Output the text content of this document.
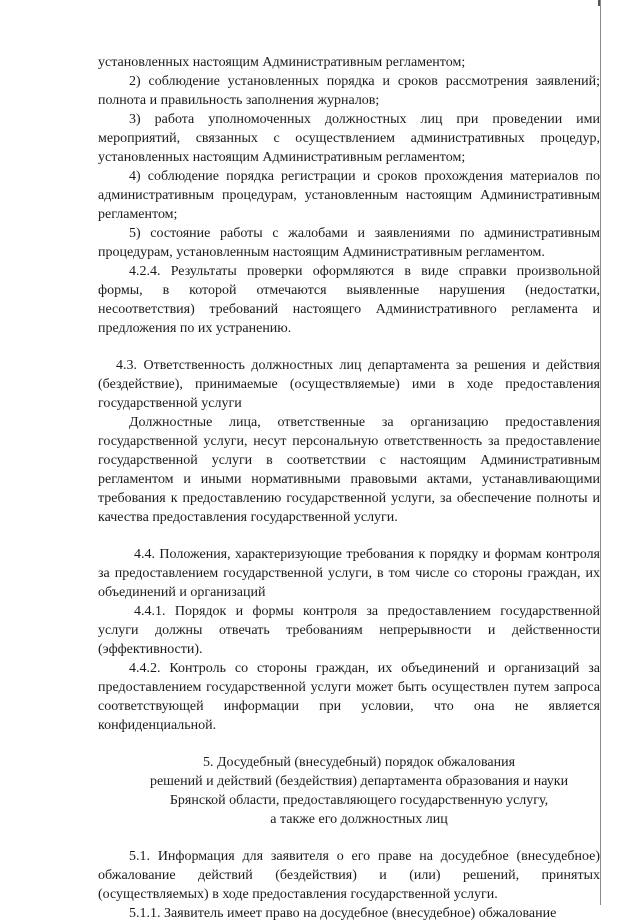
установленных настоящим Административным регламентом;

2) соблюдение установленных порядка и сроков рассмотрения заявлений; полнота и правильность заполнения журналов;

3) работа уполномоченных должностных лиц при проведении ими мероприятий, связанных с осуществлением административных процедур, установленных настоящим Административным регламентом;

4) соблюдение порядка регистрации и сроков прохождения материалов по административным процедурам, установленным настоящим Административным регламентом;

5) состояние работы с жалобами и заявлениями по административным процедурам, установленным настоящим Административным регламентом.

4.2.4. Результаты проверки оформляются в виде справки произвольной формы, в которой отмечаются выявленные нарушения (недостатки, несоответствия) требований настоящего Административного регламента и предложения по их устранению.

4.3. Ответственность должностных лиц департамента за решения и действия (бездействие), принимаемые (осуществляемые) ими в ходе предоставления государственной услуги

Должностные лица, ответственные за организацию предоставления государственной услуги, несут персональную ответственность за предоставление государственной услуги в соответствии с настоящим Административным регламентом и иными нормативными правовыми актами, устанавливающими требования к предоставлению государственной услуги, за обеспечение полноты и качества предоставления государственной услуги.

4.4. Положения, характеризующие требования к порядку и формам контроля за предоставлением государственной услуги, в том числе со стороны граждан, их объединений и организаций

4.4.1. Порядок и формы контроля за предоставлением государственной услуги должны отвечать требованиям непрерывности и действенности (эффективности).

4.4.2. Контроль со стороны граждан, их объединений и организаций за предоставлением государственной услуги может быть осуществлен путем запроса соответствующей информации при условии, что она не является конфиденциальной.

5. Досудебный (внесудебный) порядок обжалования

решений и действий (бездействия) департамента образования и науки

Брянской области, предоставляющего государственную услугу,

а также его должностных лиц

5.1. Информация для заявителя о его праве на досудебное (внесудебное) обжалование действий (бездействия) и (или) решений, принятых (осуществляемых) в ходе предоставления государственной услуги.

5.1.1. Заявитель имеет право на досудебное (внесудебное) обжалование
